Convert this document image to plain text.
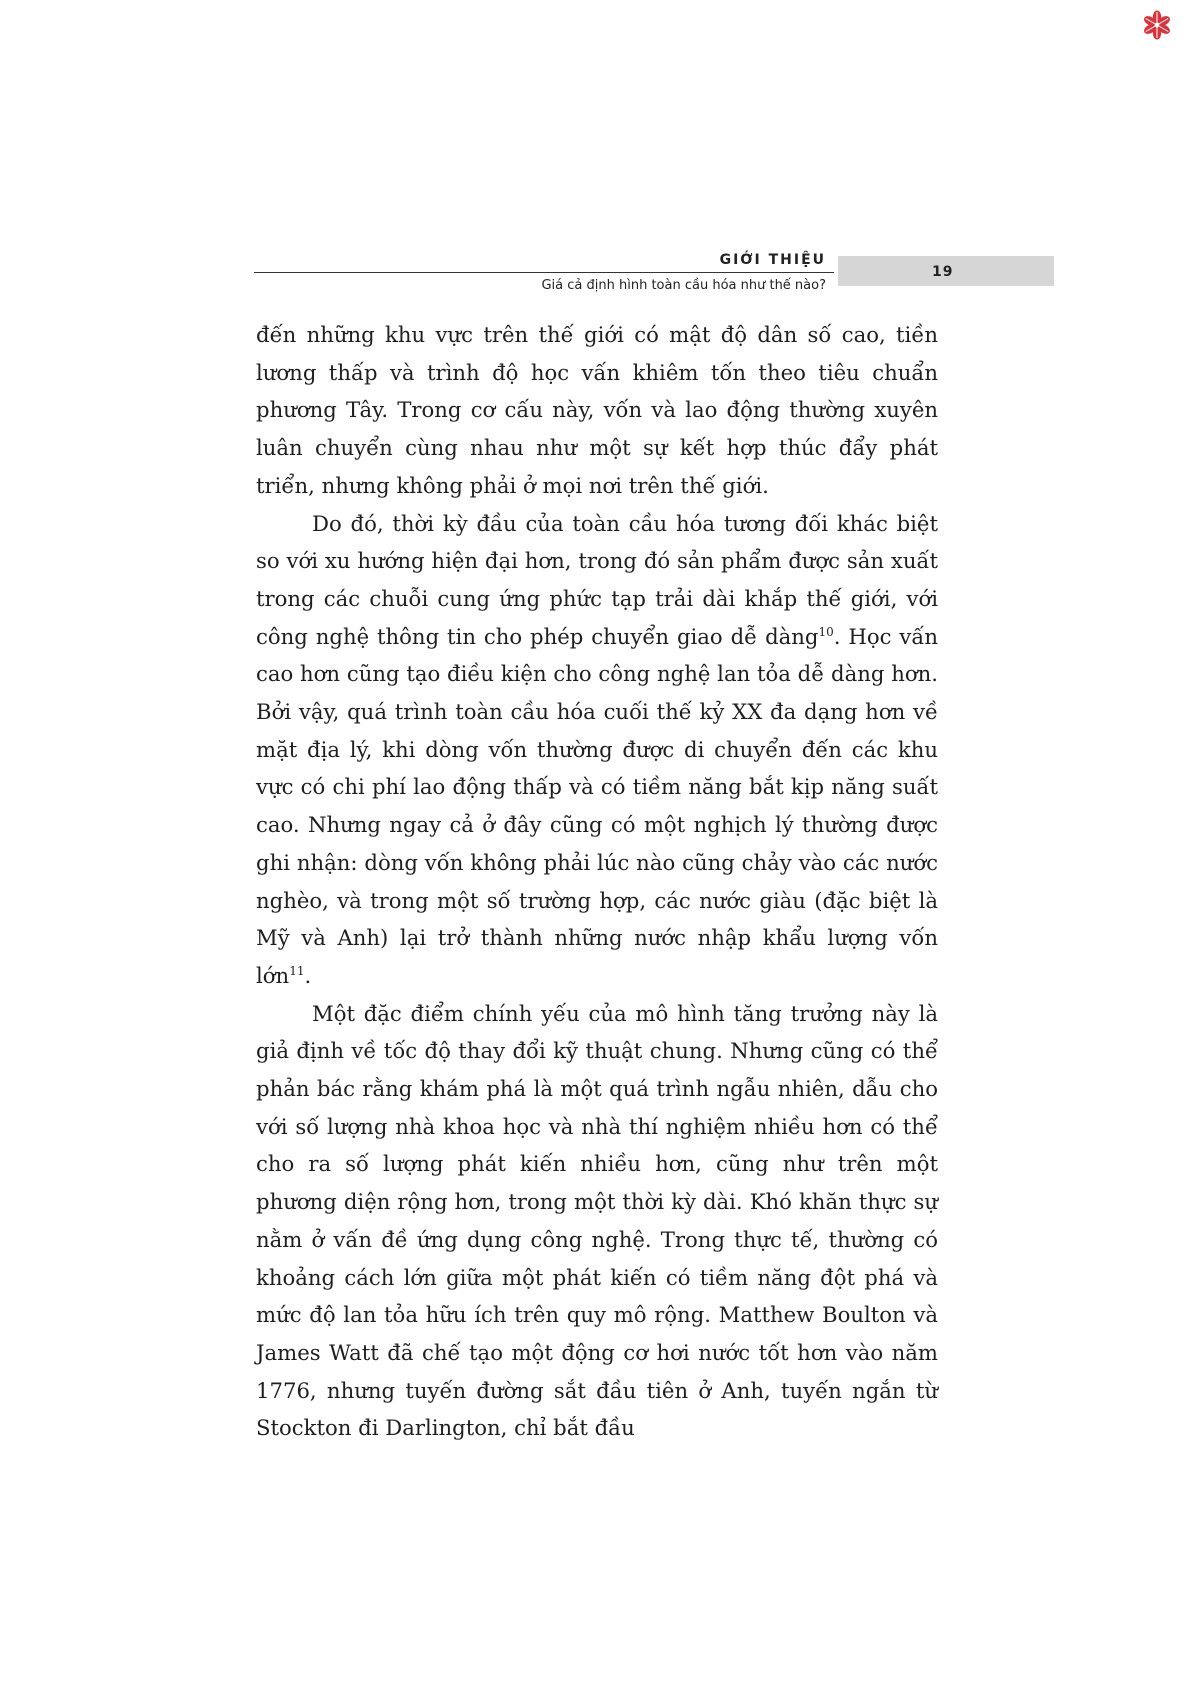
GIỚI THIỆU
Giá cả định hình toàn cầu hóa như thế nào?
19

đến những khu vực trên thế giới có mật độ dân số cao, tiền lương thấp và trình độ học vấn khiêm tốn theo tiêu chuẩn phương Tây. Trong cơ cấu này, vốn và lao động thường xuyên luân chuyển cùng nhau như một sự kết hợp thúc đẩy phát triển, nhưng không phải ở mọi nơi trên thế giới.

Do đó, thời kỳ đầu của toàn cầu hóa tương đối khác biệt so với xu hướng hiện đại hơn, trong đó sản phẩm được sản xuất trong các chuỗi cung ứng phức tạp trải dài khắp thế giới, với công nghệ thông tin cho phép chuyển giao dễ dàng$^{10}$. Học vấn cao hơn cũng tạo điều kiện cho công nghệ lan tỏa dễ dàng hơn. Bởi vậy, quá trình toàn cầu hóa cuối thế kỷ XX đa dạng hơn về mặt địa lý, khi dòng vốn thường được di chuyển đến các khu vực có chi phí lao động thấp và có tiềm năng bắt kịp năng suất cao. Nhưng ngay cả ở đây cũng có một nghịch lý thường được ghi nhận: dòng vốn không phải lúc nào cũng chảy vào các nước nghèo, và trong một số trường hợp, các nước giàu (đặc biệt là Mỹ và Anh) lại trở thành những nước nhập khẩu lượng vốn lớn$^{11}$.

Một đặc điểm chính yếu của mô hình tăng trưởng này là giả định về tốc độ thay đổi kỹ thuật chung. Nhưng cũng có thể phản bác rằng khám phá là một quá trình ngẫu nhiên, dẫu cho với số lượng nhà khoa học và nhà thí nghiệm nhiều hơn có thể cho ra số lượng phát kiến nhiều hơn, cũng như trên một phương diện rộng hơn, trong một thời kỳ dài. Khó khăn thực sự nằm ở vấn đề ứng dụng công nghệ. Trong thực tế, thường có khoảng cách lớn giữa một phát kiến có tiềm năng đột phá và mức độ lan tỏa hữu ích trên quy mô rộng. Matthew Boulton và James Watt đã chế tạo một động cơ hơi nước tốt hơn vào năm 1776, nhưng tuyến đường sắt đầu tiên ở Anh, tuyến ngắn từ Stockton đi Darlington, chỉ bắt đầu
